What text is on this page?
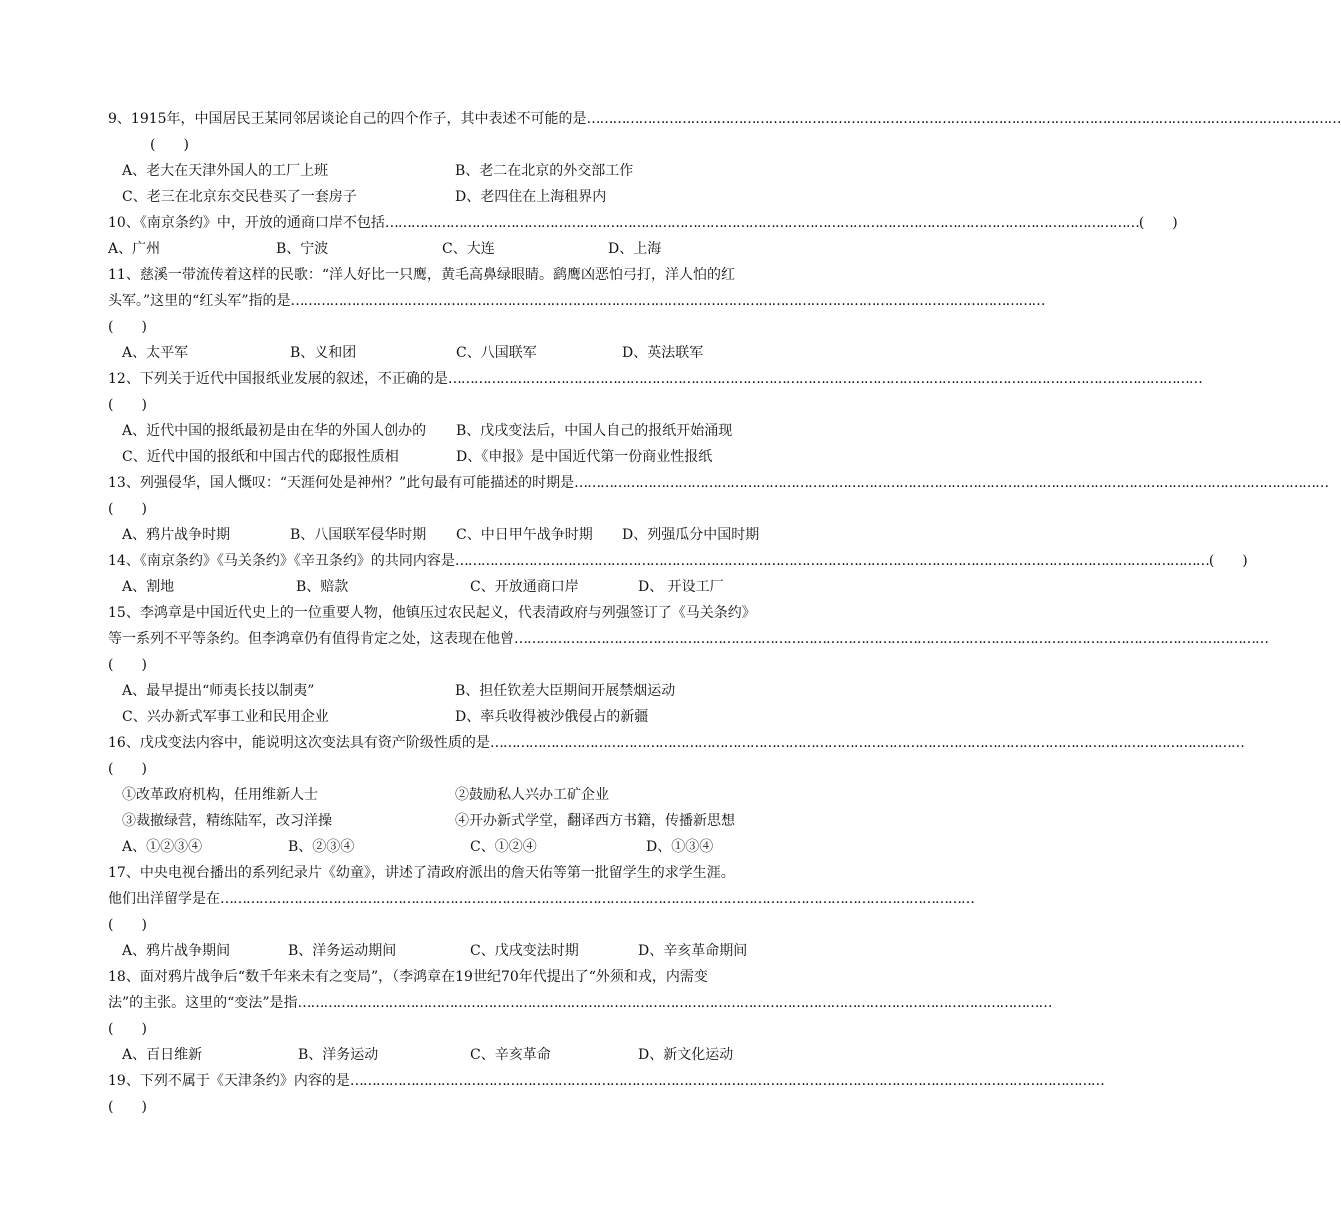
9、1915年，中国居民王某同邻居谈论自己的四个作子，其中表述不可能的是 …………………………………………………………………………………………………………………………………………………………
(　　)
A、老大在天津外国人的工厂上班	B、老二在北京的外交部工作
C、老三在北京东交民巷买了一套房子	D、老四住在上海租界内
10、《南京条约》中，开放的通商口岸不包括 ………………………………………………………………………………………………………………………………………………………… (　　)
A、广州	B、宁波	C、大连	D、上海
11、慈溪一带流传着这样的民歌：“洋人好比一只鹰，黄毛高鼻绿眼睛。鹞鹰凶恶怕弓打，洋人怕的红
头军。”这里的“红头军”指的是 …………………………………………………………………………………………………………………………………………………………
(　　)
A、太平军	B、义和团	C、八国联军	D、英法联军
12、下列关于近代中国报纸业发展的叙述，不正确的是 …………………………………………………………………………………………………………………………………………………………
(　　)
A、近代中国的报纸最初是由在华的外国人创办的	B、戊戌变法后，中国人自己的报纸开始涌现
C、近代中国的报纸和中国古代的邸报性质相	D、《申报》是中国近代第一份商业性报纸
13、列强侵华，国人慨叹：“天涯何处是神州？”此句最有可能描述的时期是 …………………………………………………………………………………………………………………………………………………………
(　　)
A、鸦片战争时期	B、八国联军侵华时期	C、中日甲午战争时期	D、列强瓜分中国时期
14、《南京条约》《马关条约》《辛丑条约》的共同内容是 ………………………………………………………………………………………………………………………………………………………… (　　)
A、割地	B、赔款	C、开放通商口岸	D、 开设工厂
15、李鸿章是中国近代史上的一位重要人物，他镇压过农民起义，代表清政府与列强签订了《马关条约》
等一系列不平等条约。但李鸿章仍有值得肯定之处，这表现在他曾 …………………………………………………………………………………………………………………………………………………………
(　　)
A、最早提出“师夷长技以制夷”	B、担任钦差大臣期间开展禁烟运动
C、兴办新式军事工业和民用企业	D、率兵收得被沙俄侵占的新疆
16、戊戌变法内容中，能说明这次变法具有资产阶级性质的是 …………………………………………………………………………………………………………………………………………………………
(　　)
①改革政府机构，任用维新人士	②鼓励私人兴办工矿企业
③裁撤绿营，精练陆军，改习洋操	④开办新式学堂，翻译西方书籍，传播新思想
A、①②③④	B、②③④	C、①②④	D、①③④
17、中央电视台播出的系列纪录片《幼童》，讲述了清政府派出的詹天佑等第一批留学生的求学生涯。
他们出洋留学是在 …………………………………………………………………………………………………………………………………………………………
(　　)
A、鸦片战争期间	B、洋务运动期间	C、戊戌变法时期	D、辛亥革命期间
18、面对鸦片战争后“数千年来未有之变局”，（李鸿章在19世纪70年代提出了“外须和戎，内需变
法”的主张。这里的“变法”是指 …………………………………………………………………………………………………………………………………………………………
(　　)
A、百日维新	B、洋务运动	C、辛亥革命	D、新文化运动
19、下列不属于《天津条约》内容的是 …………………………………………………………………………………………………………………………………………………………
(　　)
